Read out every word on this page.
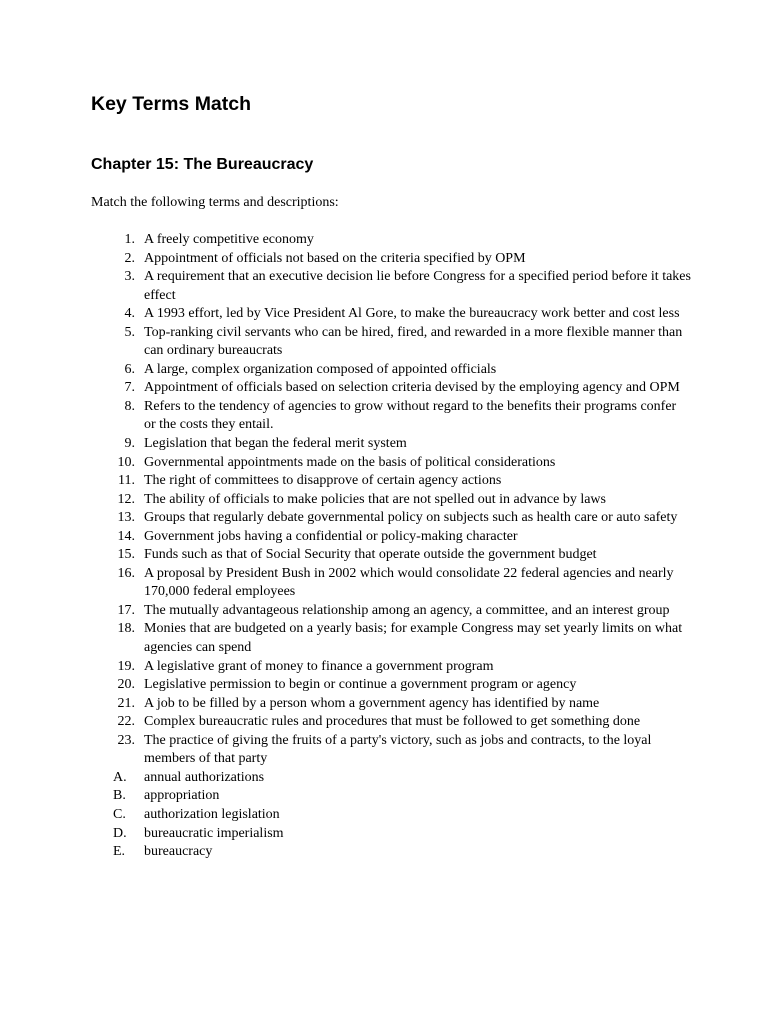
Key Terms Match
Chapter 15: The Bureaucracy

Match the following terms and descriptions:

1. A freely competitive economy
2. Appointment of officials not based on the criteria specified by OPM
3. A requirement that an executive decision lie before Congress for a specified period before it takes effect
4. A 1993 effort, led by Vice President Al Gore, to make the bureaucracy work better and cost less
5. Top-ranking civil servants who can be hired, fired, and rewarded in a more flexible manner than can ordinary bureaucrats
6. A large, complex organization composed of appointed officials
7. Appointment of officials based on selection criteria devised by the employing agency and OPM
8. Refers to the tendency of agencies to grow without regard to the benefits their programs confer or the costs they entail.
9. Legislation that began the federal merit system
10. Governmental appointments made on the basis of political considerations
11. The right of committees to disapprove of certain agency actions
12. The ability of officials to make policies that are not spelled out in advance by laws
13. Groups that regularly debate governmental policy on subjects such as health care or auto safety
14. Government jobs having a confidential or policy-making character
15. Funds such as that of Social Security that operate outside the government budget
16. A proposal by President Bush in 2002 which would consolidate 22 federal agencies and nearly 170,000 federal employees
17. The mutually advantageous relationship among an agency, a committee, and an interest group
18. Monies that are budgeted on a yearly basis; for example Congress may set yearly limits on what agencies can spend
19. A legislative grant of money to finance a government program
20. Legislative permission to begin or continue a government program or agency
21. A job to be filled by a person whom a government agency has identified by name
22. Complex bureaucratic rules and procedures that must be followed to get something done
23. The practice of giving the fruits of a party's victory, such as jobs and contracts, to the loyal members of that party
A.	annual authorizations
B.	appropriation
C.	authorization legislation
D.	bureaucratic imperialism
E.	bureaucracy
